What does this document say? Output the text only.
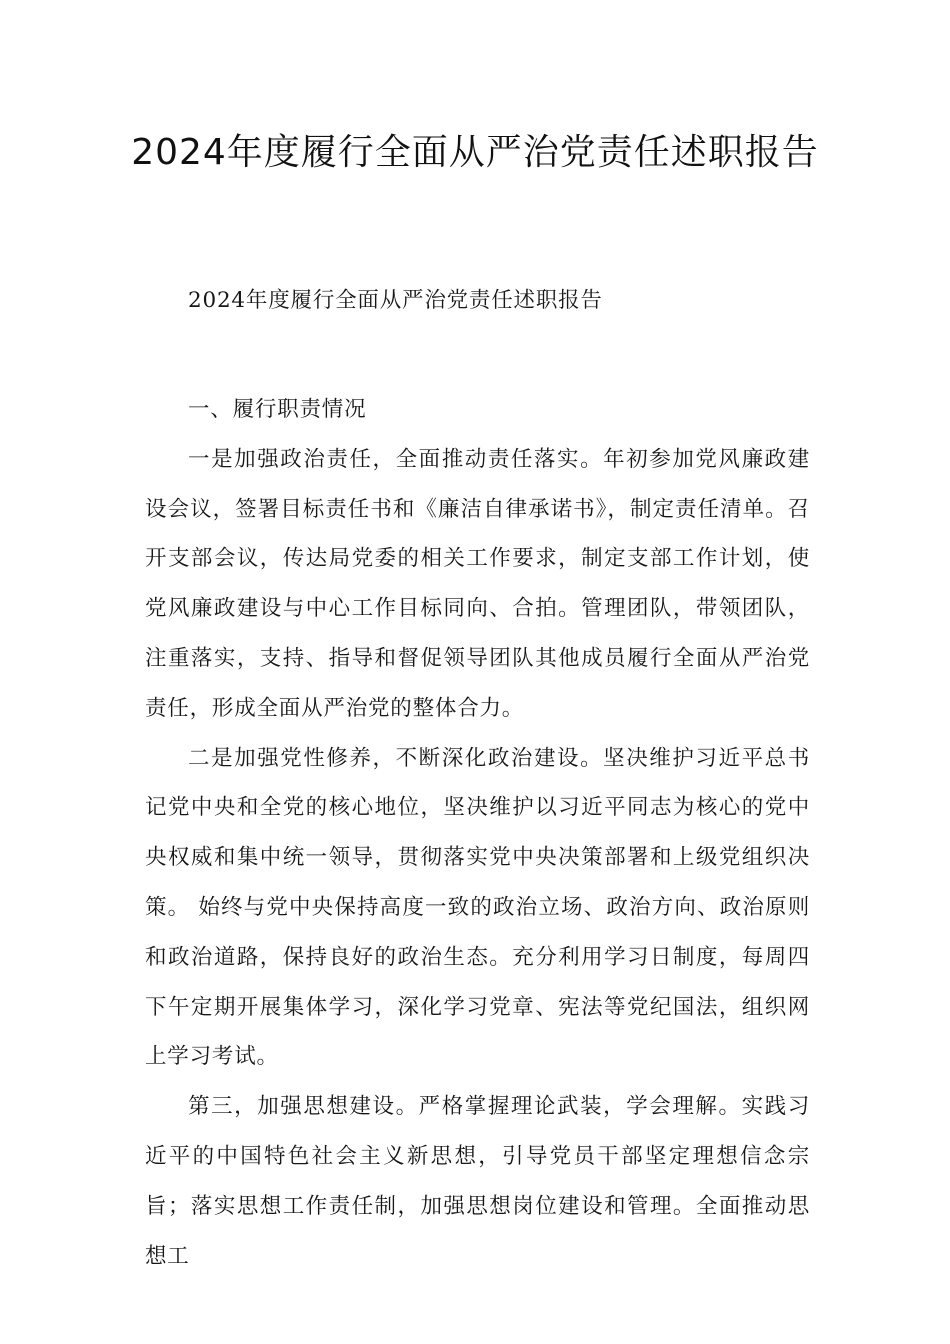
2024年度履行全面从严治党责任述职报告

2024年度履行全面从严治党责任述职报告

一、履行职责情况

一是加强政治责任，全面推动责任落实。年初参加党风廉政建设会议，签署目标责任书和《廉洁自律承诺书》，制定责任清单。召开支部会议，传达局党委的相关工作要求，制定支部工作计划，使党风廉政建设与中心工作目标同向、合拍。管理团队，带领团队，注重落实，支持、指导和督促领导团队其他成员履行全面从严治党责任，形成全面从严治党的整体合力。

二是加强党性修养，不断深化政治建设。坚决维护习近平总书记党中央和全党的核心地位，坚决维护以习近平同志为核心的党中央权威和集中统一领导，贯彻落实党中央决策部署和上级党组织决策。 始终与党中央保持高度一致的政治立场、政治方向、政治原则和政治道路，保持良好的政治生态。充分利用学习日制度，每周四下午定期开展集体学习，深化学习党章、宪法等党纪国法，组织网上学习考试。

第三，加强思想建设。严格掌握理论武装，学会理解。实践习近平的中国特色社会主义新思想，引导党员干部坚定理想信念宗旨；落实思想工作责任制，加强思想岗位建设和管理。全面推动思想工
